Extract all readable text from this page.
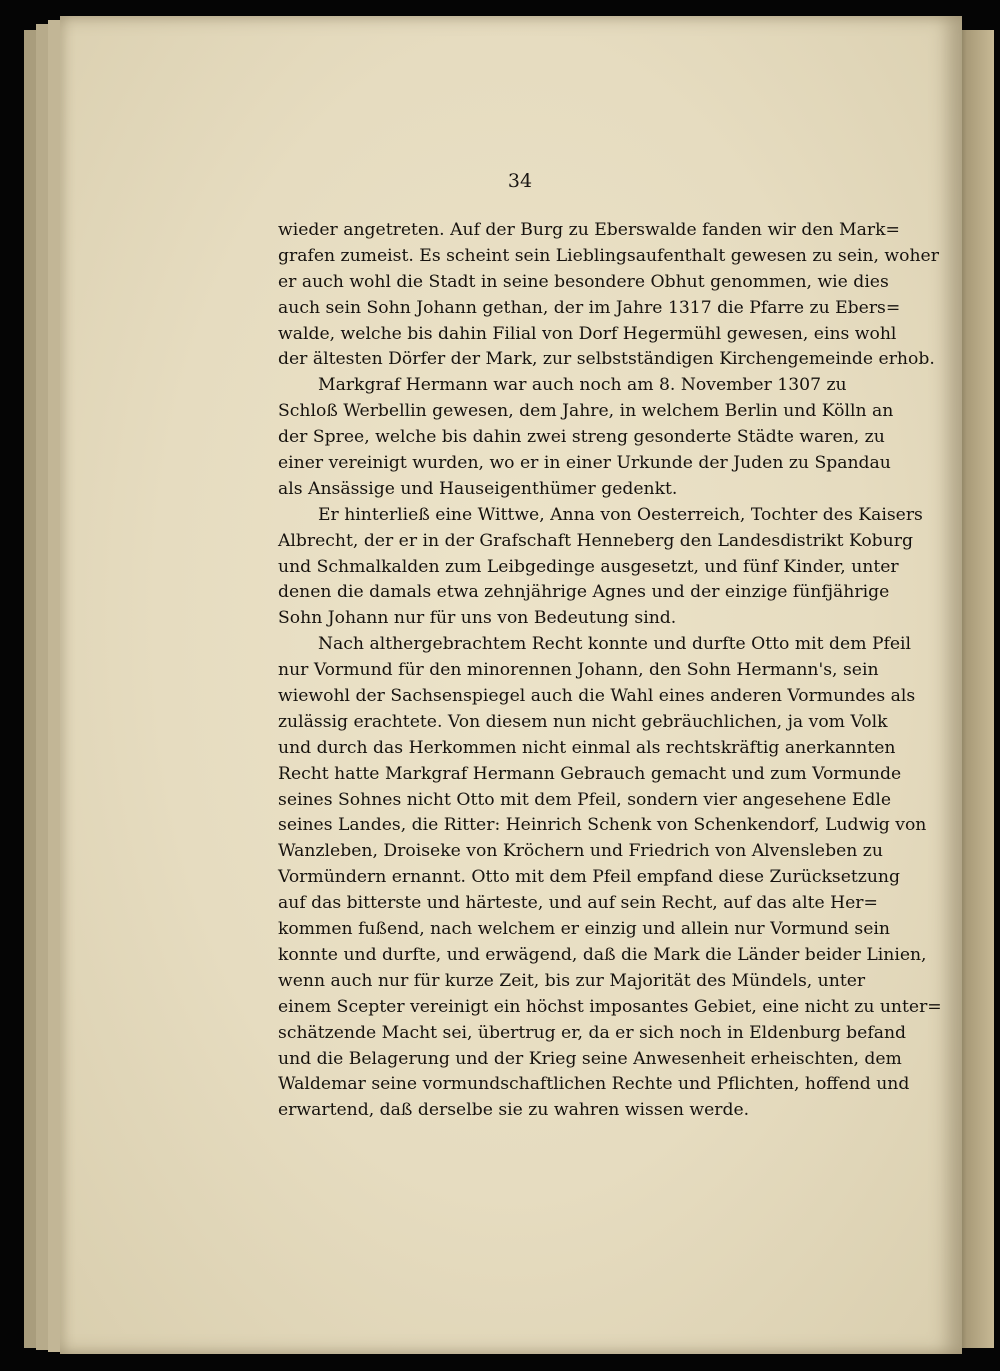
34
wieder angetreten. Auf der Burg zu Eberswalde fanden wir den Mark=
grafen zumeist. Es scheint sein Lieblingsaufenthalt gewesen zu sein, woher
er auch wohl die Stadt in seine besondere Obhut genommen, wie dies
auch sein Sohn Johann gethan, der im Jahre 1317 die Pfarre zu Ebers=
walde, welche bis dahin Filial von Dorf Hegermühl gewesen, eins wohl
der ältesten Dörfer der Mark, zur selbstständigen Kirchengemeinde erhob.
Markgraf Hermann war auch noch am 8. November 1307 zu
Schloß Werbellin gewesen, dem Jahre, in welchem Berlin und Kölln an
der Spree, welche bis dahin zwei streng gesonderte Städte waren, zu
einer vereinigt wurden, wo er in einer Urkunde der Juden zu Spandau
als Ansässige und Hauseigenthümer gedenkt.
Er hinterließ eine Wittwe, Anna von Oesterreich, Tochter des Kaisers
Albrecht, der er in der Grafschaft Henneberg den Landesdistrikt Koburg
und Schmalkalden zum Leibgedinge ausgesetzt, und fünf Kinder, unter
denen die damals etwa zehnjährige Agnes und der einzige fünfjährige
Sohn Johann nur für uns von Bedeutung sind.
Nach althergebrachtem Recht konnte und durfte Otto mit dem Pfeil
nur Vormund für den minorennen Johann, den Sohn Hermann's, sein
wiewohl der Sachsenspiegel auch die Wahl eines anderen Vormundes als
zulässig erachtete. Von diesem nun nicht gebräuchlichen, ja vom Volk
und durch das Herkommen nicht einmal als rechtskräftig anerkannten
Recht hatte Markgraf Hermann Gebrauch gemacht und zum Vormunde
seines Sohnes nicht Otto mit dem Pfeil, sondern vier angesehene Edle
seines Landes, die Ritter: Heinrich Schenk von Schenkendorf, Ludwig von
Wanzleben, Droiseke von Kröchern und Friedrich von Alvensleben zu
Vormündern ernannt. Otto mit dem Pfeil empfand diese Zurücksetzung
auf das bitterste und härteste, und auf sein Recht, auf das alte Her=
kommen fußend, nach welchem er einzig und allein nur Vormund sein
konnte und durfte, und erwägend, daß die Mark die Länder beider Linien,
wenn auch nur für kurze Zeit, bis zur Majorität des Mündels, unter
einem Scepter vereinigt ein höchst imposantes Gebiet, eine nicht zu unter=
schätzende Macht sei, übertrug er, da er sich noch in Eldenburg befand
und die Belagerung und der Krieg seine Anwesenheit erheischten, dem
Waldemar seine vormundschaftlichen Rechte und Pflichten, hoffend und
erwartend, daß derselbe sie zu wahren wissen werde.
